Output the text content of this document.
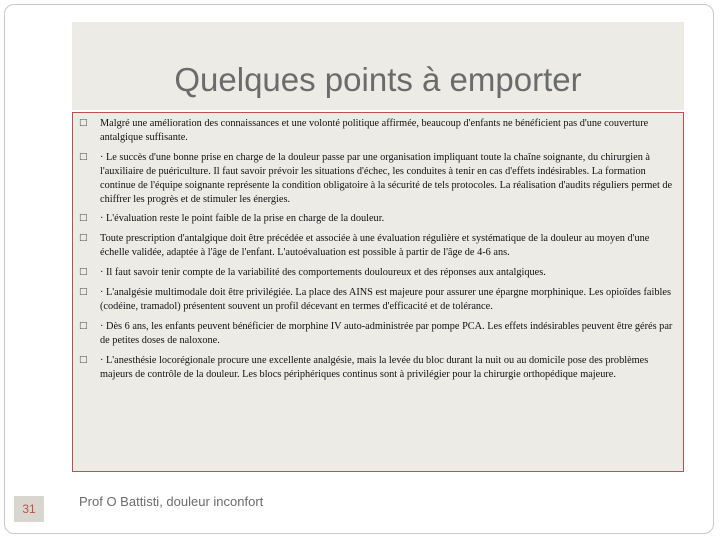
Quelques points à emporter
□ Malgré une amélioration des connaissances et une volonté politique affirmée, beaucoup d'enfants ne bénéficient pas d'une couverture antalgique suffisante.
□ · Le succès d'une bonne prise en charge de la douleur passe par une organisation impliquant toute la chaîne soignante, du chirurgien à l'auxiliaire de puériculture. Il faut savoir prévoir les situations d'échec, les conduites à tenir en cas d'effets indésirables. La formation continue de l'équipe soignante représente la condition obligatoire à la sécurité de tels protocoles. La réalisation d'audits réguliers permet de chiffrer les progrès et de stimuler les énergies.
□ · L'évaluation reste le point faible de la prise en charge de la douleur.
□ Toute prescription d'antalgique doit être précédée et associée à une évaluation régulière et systématique de la douleur au moyen d'une échelle validée, adaptée à l'âge de l'enfant. L'autoévaluation est possible à partir de l'âge de 4-6 ans.
□ · Il faut savoir tenir compte de la variabilité des comportements douloureux et des réponses aux antalgiques.
□ · L'analgésie multimodale doit être privilégiée. La place des AINS est majeure pour assurer une épargne morphinique. Les opioïdes faibles (codéine, tramadol) présentent souvent un profil décevant en termes d'efficacité et de tolérance.
□ · Dès 6 ans, les enfants peuvent bénéficier de morphine IV auto-administrée par pompe PCA. Les effets indésirables peuvent être gérés par de petites doses de naloxone.
□ · L'anesthésie locorégionale procure une excellente analgésie, mais la levée du bloc durant la nuit ou au domicile pose des problèmes majeurs de contrôle de la douleur. Les blocs périphériques continus sont à privilégier pour la chirurgie orthopédique majeure.
31	Prof O Battisti, douleur inconfort
